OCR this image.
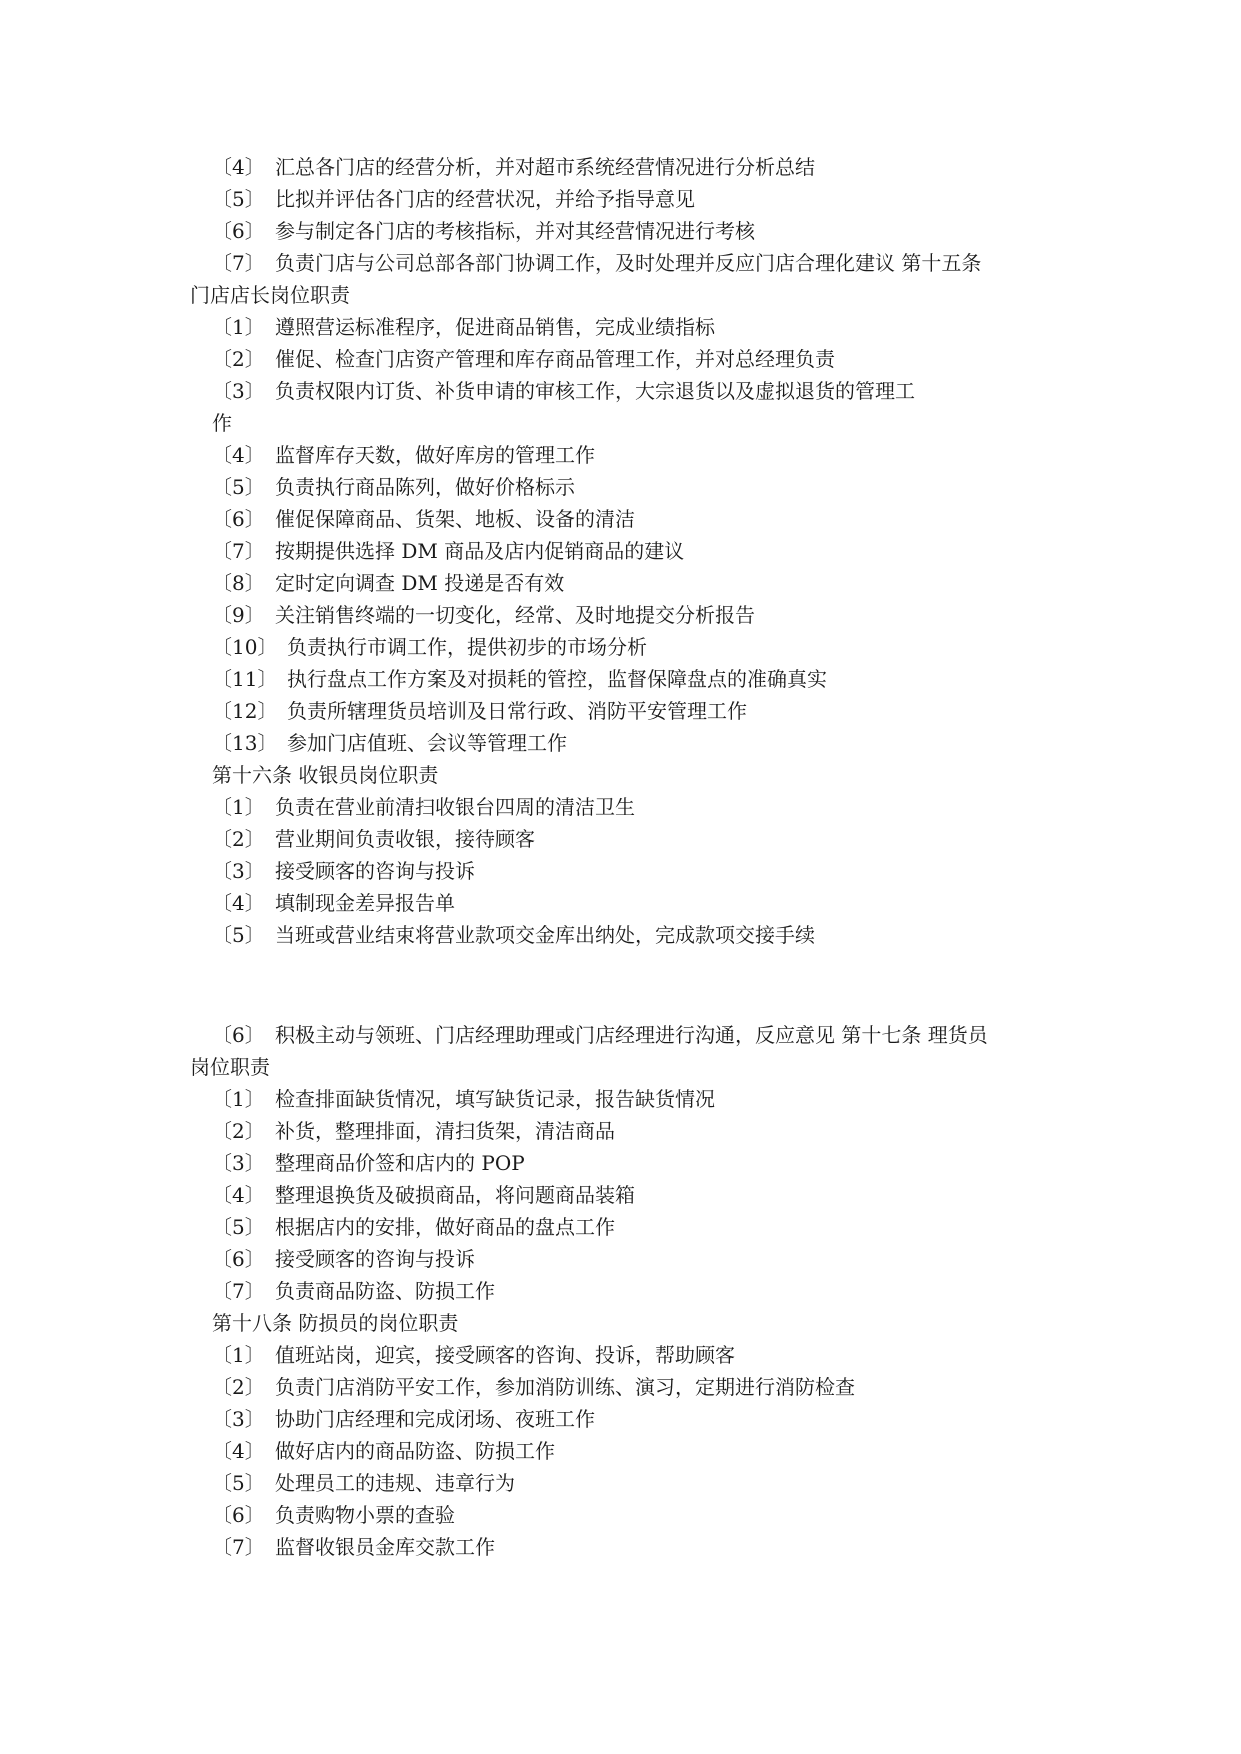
〔4〕 汇总各门店的经营分析，并对超市系统经营情况进行分析总结
〔5〕 比拟并评估各门店的经营状况，并给予指导意见
〔6〕 参与制定各门店的考核指标，并对其经营情况进行考核
〔7〕 负责门店与公司总部各部门协调工作，及时处理并反应门店合理化建议 第十五条
门店店长岗位职责
〔1〕 遵照营运标准程序，促进商品销售，完成业绩指标
〔2〕 催促、检查门店资产管理和库存商品管理工作，并对总经理负责
〔3〕 负责权限内订货、补货申请的审核工作，大宗退货以及虚拟退货的管理工
作
〔4〕 监督库存天数，做好库房的管理工作
〔5〕 负责执行商品陈列，做好价格标示
〔6〕 催促保障商品、货架、地板、设备的清洁
〔7〕 按期提供选择 DM 商品及店内促销商品的建议
〔8〕 定时定向调查 DM 投递是否有效
〔9〕 关注销售终端的一切变化，经常、及时地提交分析报告
〔10〕 负责执行市调工作，提供初步的市场分析
〔11〕 执行盘点工作方案及对损耗的管控，监督保障盘点的准确真实
〔12〕 负责所辖理货员培训及日常行政、消防平安管理工作
〔13〕 参加门店值班、会议等管理工作
第十六条 收银员岗位职责
〔1〕 负责在营业前清扫收银台四周的清洁卫生
〔2〕 营业期间负责收银，接待顾客
〔3〕 接受顾客的咨询与投诉
〔4〕 填制现金差异报告单
〔5〕 当班或营业结束将营业款项交金库出纳处，完成款项交接手续
〔6〕 积极主动与领班、门店经理助理或门店经理进行沟通，反应意见 第十七条 理货员
岗位职责
〔1〕 检查排面缺货情况，填写缺货记录，报告缺货情况
〔2〕 补货，整理排面，清扫货架，清洁商品
〔3〕 整理商品价签和店内的 POP
〔4〕 整理退换货及破损商品，将问题商品装箱
〔5〕 根据店内的安排，做好商品的盘点工作
〔6〕 接受顾客的咨询与投诉
〔7〕 负责商品防盗、防损工作
第十八条 防损员的岗位职责
〔1〕 值班站岗，迎宾，接受顾客的咨询、投诉，帮助顾客
〔2〕 负责门店消防平安工作，参加消防训练、演习，定期进行消防检查
〔3〕 协助门店经理和完成闭场、夜班工作
〔4〕 做好店内的商品防盗、防损工作
〔5〕 处理员工的违规、违章行为
〔6〕 负责购物小票的查验
〔7〕 监督收银员金库交款工作
